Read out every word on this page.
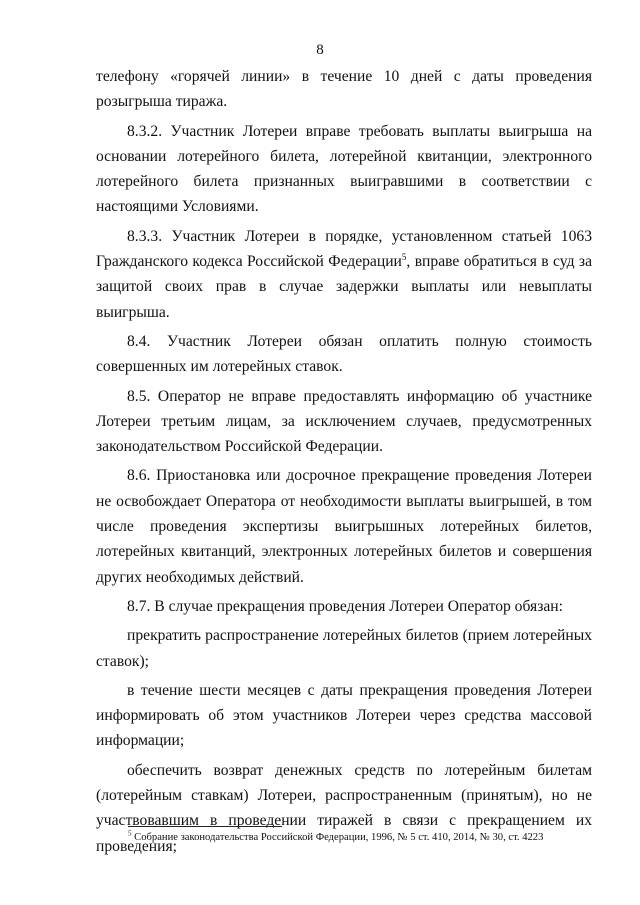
8

телефону «горячей линии» в течение 10 дней с даты проведения розыгрыша тиража.

8.3.2. Участник Лотереи вправе требовать выплаты выигрыша на основании лотерейного билета, лотерейной квитанции, электронного лотерейного билета признанных выигравшими в соответствии с настоящими Условиями.

8.3.3. Участник Лотереи в порядке, установленном статьей 1063 Гражданского кодекса Российской Федерации$^5$, вправе обратиться в суд за защитой своих прав в случае задержки выплаты или невыплаты выигрыша.

8.4. Участник Лотереи обязан оплатить полную стоимость совершенных им лотерейных ставок.

8.5. Оператор не вправе предоставлять информацию об участнике Лотереи третьим лицам, за исключением случаев, предусмотренных законодательством Российской Федерации.

8.6. Приостановка или досрочное прекращение проведения Лотереи не освобождает Оператора от необходимости выплаты выигрышей, в том числе проведения экспертизы выигрышных лотерейных билетов, лотерейных квитанций, электронных лотерейных билетов и совершения других необходимых действий.

8.7. В случае прекращения проведения Лотереи Оператор обязан:

прекратить распространение лотерейных билетов (прием лотерейных ставок);

в течение шести месяцев с даты прекращения проведения Лотереи информировать об этом участников Лотереи через средства массовой информации;

обеспечить возврат денежных средств по лотерейным билетам (лотерейным ставкам) Лотереи, распространенным (принятым), но не участвовавшим в проведении тиражей в связи с прекращением их проведения;

$^5$ Собрание законодательства Российской Федерации, 1996, № 5 ст. 410, 2014, № 30, ст. 4223
